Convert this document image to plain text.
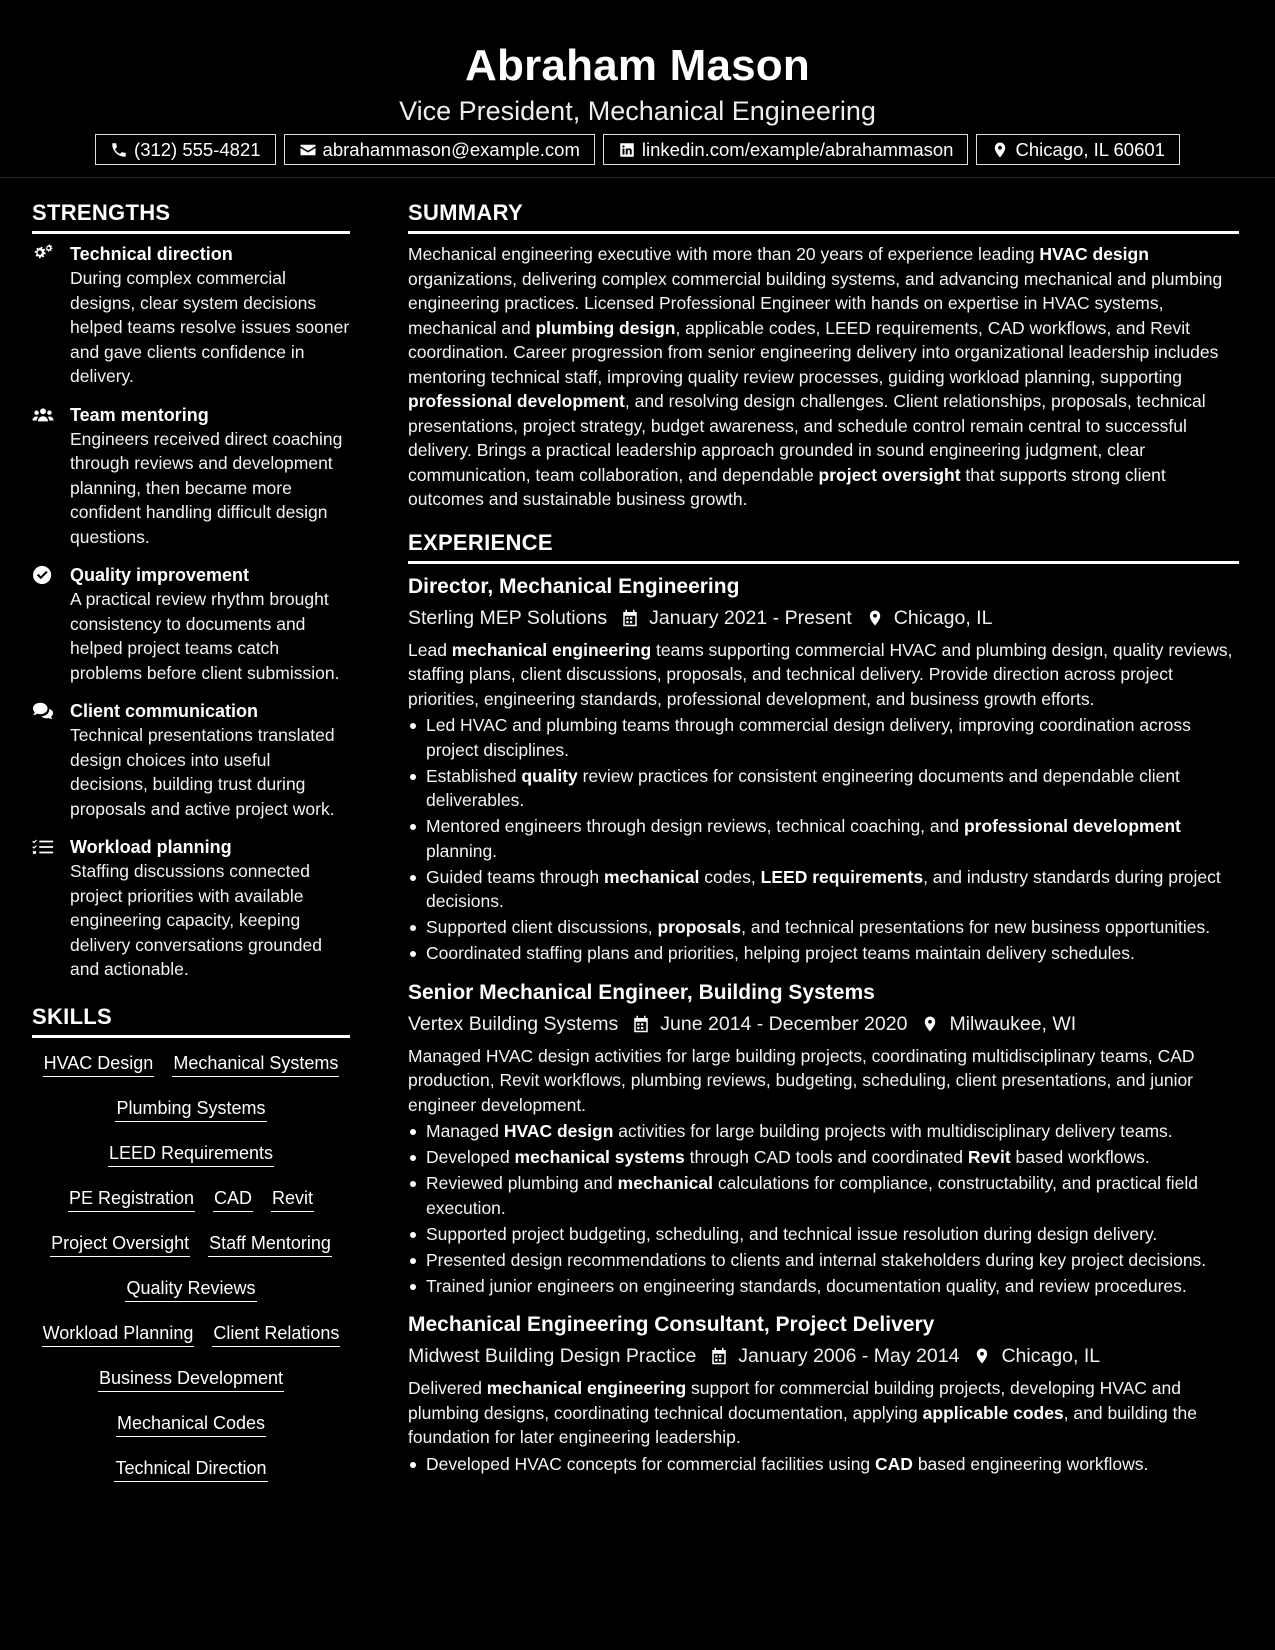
Abraham Mason
Vice President, Mechanical Engineering
(312) 555-4821	abrahammason@example.com	linkedin.com/example/abrahammason	Chicago, IL 60601
STRENGTHS
Technical direction
During complex commercial designs, clear system decisions helped teams resolve issues sooner and gave clients confidence in delivery.
Team mentoring
Engineers received direct coaching through reviews and development planning, then became more confident handling difficult design questions.
Quality improvement
A practical review rhythm brought consistency to documents and helped project teams catch problems before client submission.
Client communication
Technical presentations translated design choices into useful decisions, building trust during proposals and active project work.
Workload planning
Staffing discussions connected project priorities with available engineering capacity, keeping delivery conversations grounded and actionable.
SKILLS
HVAC Design Mechanical Systems
Plumbing Systems
LEED Requirements
PE Registration CAD Revit
Project Oversight Staff Mentoring
Quality Reviews
Workload Planning Client Relations
Business Development
Mechanical Codes
Technical Direction
SUMMARY
Mechanical engineering executive with more than 20 years of experience leading HVAC design organizations, delivering complex commercial building systems, and advancing mechanical and plumbing engineering practices. Licensed Professional Engineer with hands on expertise in HVAC systems, mechanical and plumbing design, applicable codes, LEED requirements, CAD workflows, and Revit coordination. Career progression from senior engineering delivery into organizational leadership includes mentoring technical staff, improving quality review processes, guiding workload planning, supporting professional development, and resolving design challenges. Client relationships, proposals, technical presentations, project strategy, budget awareness, and schedule control remain central to successful delivery. Brings a practical leadership approach grounded in sound engineering judgment, clear communication, team collaboration, and dependable project oversight that supports strong client outcomes and sustainable business growth.
EXPERIENCE
Director, Mechanical Engineering
Sterling MEP Solutions January 2021 - Present Chicago, IL
Lead mechanical engineering teams supporting commercial HVAC and plumbing design, quality reviews, staffing plans, client discussions, proposals, and technical delivery. Provide direction across project priorities, engineering standards, professional development, and business growth efforts.
Led HVAC and plumbing teams through commercial design delivery, improving coordination across project disciplines.
Established quality review practices for consistent engineering documents and dependable client deliverables.
Mentored engineers through design reviews, technical coaching, and professional development planning.
Guided teams through mechanical codes, LEED requirements, and industry standards during project decisions.
Supported client discussions, proposals, and technical presentations for new business opportunities.
Coordinated staffing plans and priorities, helping project teams maintain delivery schedules.
Senior Mechanical Engineer, Building Systems
Vertex Building Systems June 2014 - December 2020 Milwaukee, WI
Managed HVAC design activities for large building projects, coordinating multidisciplinary teams, CAD production, Revit workflows, plumbing reviews, budgeting, scheduling, client presentations, and junior engineer development.
Managed HVAC design activities for large building projects with multidisciplinary delivery teams.
Developed mechanical systems through CAD tools and coordinated Revit based workflows.
Reviewed plumbing and mechanical calculations for compliance, constructability, and practical field execution.
Supported project budgeting, scheduling, and technical issue resolution during design delivery.
Presented design recommendations to clients and internal stakeholders during key project decisions.
Trained junior engineers on engineering standards, documentation quality, and review procedures.
Mechanical Engineering Consultant, Project Delivery
Midwest Building Design Practice January 2006 - May 2014 Chicago, IL
Delivered mechanical engineering support for commercial building projects, developing HVAC and plumbing designs, coordinating technical documentation, applying applicable codes, and building the foundation for later engineering leadership.
Developed HVAC concepts for commercial facilities using CAD based engineering workflows.
